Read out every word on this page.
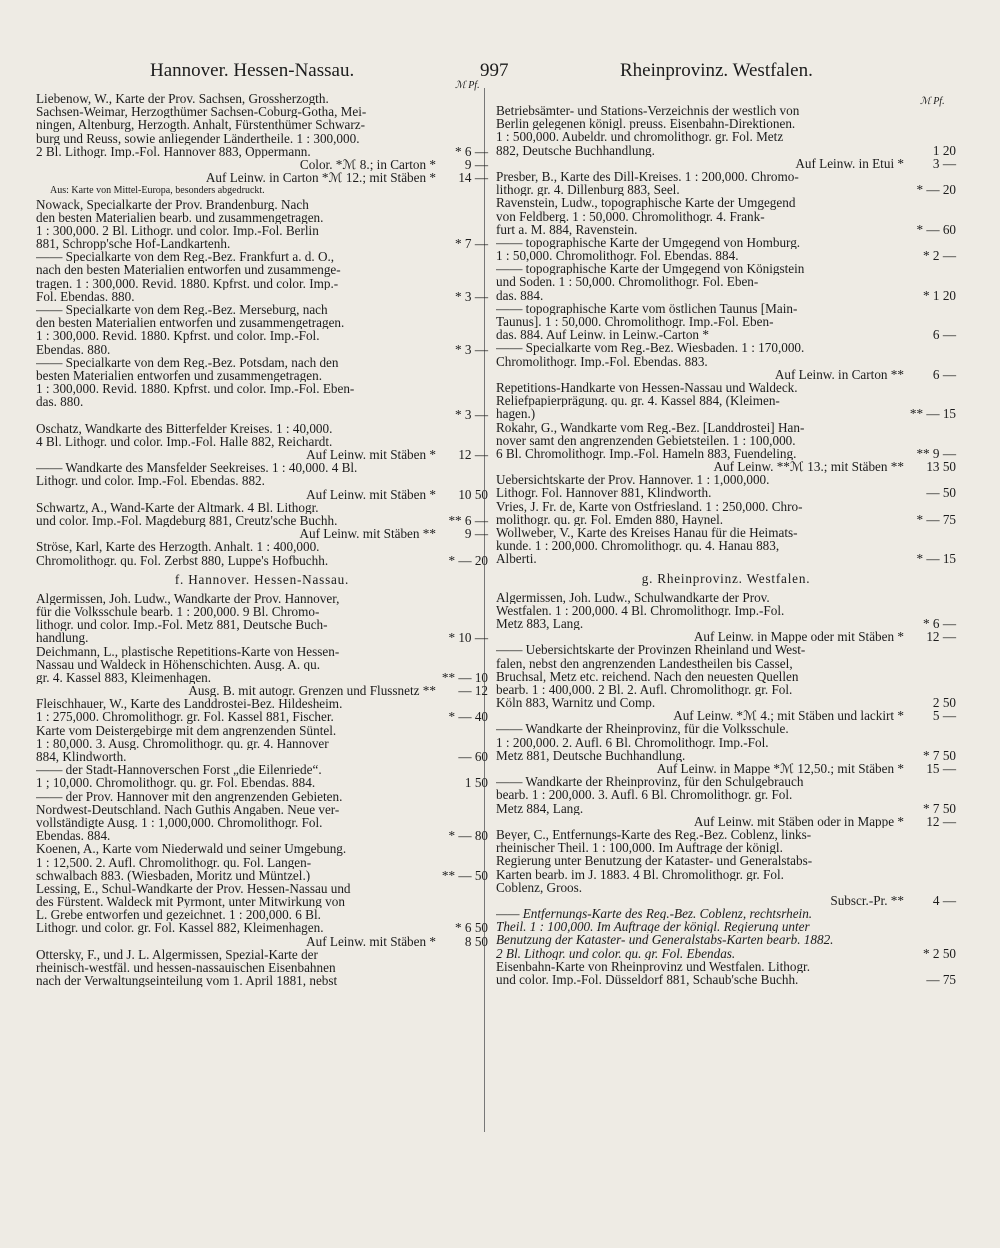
Hannover. Hessen-Nassau.	997	Rheinprovinz. Westfalen.
ℳ Pf.
ℳ Pf.
Liebenow, W., Karte der Prov. Sachsen, Grossherzogth.
Sachsen-Weimar, Herzogthümer Sachsen-Coburg-Gotha, Mei-
ningen, Altenburg, Herzogth. Anhalt, Fürstenthümer Schwarz-
burg und Reuss, sowie anliegender Ländertheile. 1 : 300,000.
2 Bl. Lithogr. Imp.-Fol. Hannover 883, Oppermann.	* 6 —
Color. *ℳ 8.; in Carton *	9 —
Auf Leinw. in Carton *ℳ 12.; mit Stäben *	14 —
Aus: Karte von Mittel-Europa, besonders abgedruckt.
Nowack, Specialkarte der Prov. Brandenburg. Nach
den besten Materialien bearb. und zusammengetragen.
1 : 300,000. 2 Bl. Lithogr. und color. Imp.-Fol. Berlin
881, Schropp'sche Hof-Landkartenh.	* 7 —
—— Specialkarte von dem Reg.-Bez. Frankfurt a. d. O.,
nach den besten Materialien entworfen und zusammenge-
tragen. 1 : 300,000. Revid. 1880. Kpfrst. und color. Imp.-
Fol. Ebendas. 880.	* 3 —
—— Specialkarte von dem Reg.-Bez. Merseburg, nach
den besten Materialien entworfen und zusammengetragen.
1 : 300,000. Revid. 1880. Kpfrst. und color. Imp.-Fol.
Ebendas. 880.	* 3 —
—— Specialkarte von dem Reg.-Bez. Potsdam, nach den
besten Materialien entworfen und zusammengetragen.
1 : 300,000. Revid. 1880. Kpfrst. und color. Imp.-Fol. Eben-
das. 880.
* 3 —
Oschatz, Wandkarte des Bitterfelder Kreises. 1 : 40,000.
4 Bl. Lithogr. und color. Imp.-Fol. Halle 882, Reichardt.
Auf Leinw. mit Stäben *	12 —
—— Wandkarte des Mansfelder Seekreises. 1 : 40,000. 4 Bl.
Lithogr. und color. Imp.-Fol. Ebendas. 882.
Auf Leinw. mit Stäben *	10 50
Schwartz, A., Wand-Karte der Altmark. 4 Bl. Lithogr.
und color. Imp.-Fol. Magdeburg 881, Creutz'sche Buchh.	** 6 —
Auf Leinw. mit Stäben **	9 —
Ströse, Karl, Karte des Herzogth. Anhalt. 1 : 400,000.
Chromolithogr. qu. Fol. Zerbst 880, Luppe's Hofbuchh.	* — 20
f. Hannover. Hessen-Nassau.
Algermissen, Joh. Ludw., Wandkarte der Prov. Hannover,
für die Volksschule bearb. 1 : 200,000. 9 Bl. Chromo-
lithogr. und color. Imp.-Fol. Metz 881, Deutsche Buch-
handlung.	* 10 —
Deichmann, L., plastische Repetitions-Karte von Hessen-
Nassau und Waldeck in Höhenschichten. Ausg. A. qu.
gr. 4. Kassel 883, Kleimenhagen.	** — 10
Ausg. B. mit autogr. Grenzen und Flussnetz **	— 12
Fleischhauer, W., Karte des Landdrostei-Bez. Hildesheim.
1 : 275,000. Chromolithogr. gr. Fol. Kassel 881, Fischer.	* — 40
Karte vom Deistergebirge mit dem angrenzenden Süntel.
1 : 80,000. 3. Ausg. Chromolithogr. qu. gr. 4. Hannover
884, Klindworth.	— 60
—— der Stadt-Hannoverschen Forst „die Eilenriede“.
1 ; 10,000. Chromolithogr. qu. gr. Fol. Ebendas. 884.	1 50
—— der Prov. Hannover mit den angrenzenden Gebieten.
Nordwest-Deutschland. Nach Guthis Angaben. Neue ver-
vollständigte Ausg. 1 : 1,000,000. Chromolithogr. Fol.
Ebendas. 884.	* — 80
Koenen, A., Karte vom Niederwald und seiner Umgebung.
1 : 12,500. 2. Aufl. Chromolithogr. qu. Fol. Langen-
schwalbach 883. (Wiesbaden, Moritz und Müntzel.)	** — 50
Lessing, E., Schul-Wandkarte der Prov. Hessen-Nassau und
des Fürstent. Waldeck mit Pyrmont, unter Mitwirkung von
L. Grebe entworfen und gezeichnet. 1 : 200,000. 6 Bl.
Lithogr. und color. gr. Fol. Kassel 882, Kleimenhagen.	* 6 50
Auf Leinw. mit Stäben *	8 50
Ottersky, F., und J. L. Algermissen, Spezial-Karte der
rheinisch-westfäl. und hessen-nassauischen Eisenbahnen
nach der Verwaltungseinteilung vom 1. April 1881, nebst
Betriebsämter- und Stations-Verzeichnis der westlich von
Berlin gelegenen königl. preuss. Eisenbahn-Direktionen.
1 : 500,000. Aubeldr. und chromolithogr. gr. Fol. Metz
882, Deutsche Buchhandlung.	1 20
Auf Leinw. in Etui *	3 —
Presber, B., Karte des Dill-Kreises. 1 : 200,000. Chromo-
lithogr. gr. 4. Dillenburg 883, Seel.	* — 20
Ravenstein, Ludw., topographische Karte der Umgegend
von Feldberg. 1 : 50,000. Chromolithogr. 4. Frank-
furt a. M. 884, Ravenstein.	* — 60
—— topographische Karte der Umgegend von Homburg.
1 : 50,000. Chromolithogr. Fol. Ebendas. 884.	* 2 —
—— topographische Karte der Umgegend von Königstein
und Soden. 1 : 50,000. Chromolithogr. Fol. Eben-
das. 884.	* 1 20
—— topographische Karte vom östlichen Taunus [Main-
Taunus]. 1 : 50,000. Chromolithogr. Imp.-Fol. Eben-
das. 884. Auf Leinw. in Leinw.-Carton *	6 —
—— Specialkarte vom Reg.-Bez. Wiesbaden. 1 : 170,000.
Chromolithogr. Imp.-Fol. Ebendas. 883.
Auf Leinw. in Carton **	6 —
Repetitions-Handkarte von Hessen-Nassau und Waldeck.
Reliefpapierprägung. qu. gr. 4. Kassel 884, (Kleimen-
hagen.)	** — 15
Rokahr, G., Wandkarte vom Reg.-Bez. [Landdrostei] Han-
nover samt den angrenzenden Gebietsteilen. 1 : 100,000.
6 Bl. Chromolithogr. Imp.-Fol. Hameln 883, Fuendeling.	** 9 —
Auf Leinw. **ℳ 13.; mit Stäben **	13 50
Uebersichtskarte der Prov. Hannover. 1 : 1,000,000.
Lithogr. Fol. Hannover 881, Klindworth.	— 50
Vries, J. Fr. de, Karte von Ostfriesland. 1 : 250,000. Chro-
molithogr. qu. gr. Fol. Emden 880, Haynel.	* — 75
Wollweber, V., Karte des Kreises Hanau für die Heimats-
kunde. 1 : 200,000. Chromolithogr. qu. 4. Hanau 883,
Alberti.	* — 15
g. Rheinprovinz. Westfalen.
Algermissen, Joh. Ludw., Schulwandkarte der Prov.
Westfalen. 1 : 200,000. 4 Bl. Chromolithogr. Imp.-Fol.
Metz 883, Lang.	* 6 —
Auf Leinw. in Mappe oder mit Stäben *	12 —
—— Uebersichtskarte der Provinzen Rheinland und West-
falen, nebst den angrenzenden Landestheilen bis Cassel,
Bruchsal, Metz etc. reichend. Nach den neuesten Quellen
bearb. 1 : 400,000. 2 Bl. 2. Aufl. Chromolithogr. gr. Fol.
Köln 883, Warnitz und Comp.	2 50
Auf Leinw. *ℳ 4.; mit Stäben und lackirt *	5 —
—— Wandkarte der Rheinprovinz, für die Volksschule.
1 : 200,000. 2. Aufl. 6 Bl. Chromolithogr. Imp.-Fol.
Metz 881, Deutsche Buchhandlung.	* 7 50
Auf Leinw. in Mappe *ℳ 12,50.; mit Stäben *	15 —
—— Wandkarte der Rheinprovinz, für den Schulgebrauch
bearb. 1 : 200,000. 3. Aufl. 6 Bl. Chromolithogr. gr. Fol.
Metz 884, Lang.	* 7 50
Auf Leinw. mit Stäben oder in Mappe *	12 —
Beyer, C., Entfernungs-Karte des Reg.-Bez. Coblenz, links-
rheinischer Theil. 1 : 100,000. Im Auftrage der königl.
Regierung unter Benutzung der Kataster- und Generalstabs-
Karten bearb. im J. 1883. 4 Bl. Chromolithogr. gr. Fol.
Coblenz, Groos.
Subscr.-Pr. **	4 —
—— Entfernungs-Karte des Reg.-Bez. Coblenz, rechtsrhein.
Theil. 1 : 100,000. Im Auftrage der königl. Regierung unter
Benutzung der Kataster- und Generalstabs-Karten bearb. 1882.
2 Bl. Lithogr. und color. qu. gr. Fol. Ebendas.	* 2 50
Eisenbahn-Karte von Rheinprovinz und Westfalen. Lithogr.
und color. Imp.-Fol. Düsseldorf 881, Schaub'sche Buchh.	— 75
